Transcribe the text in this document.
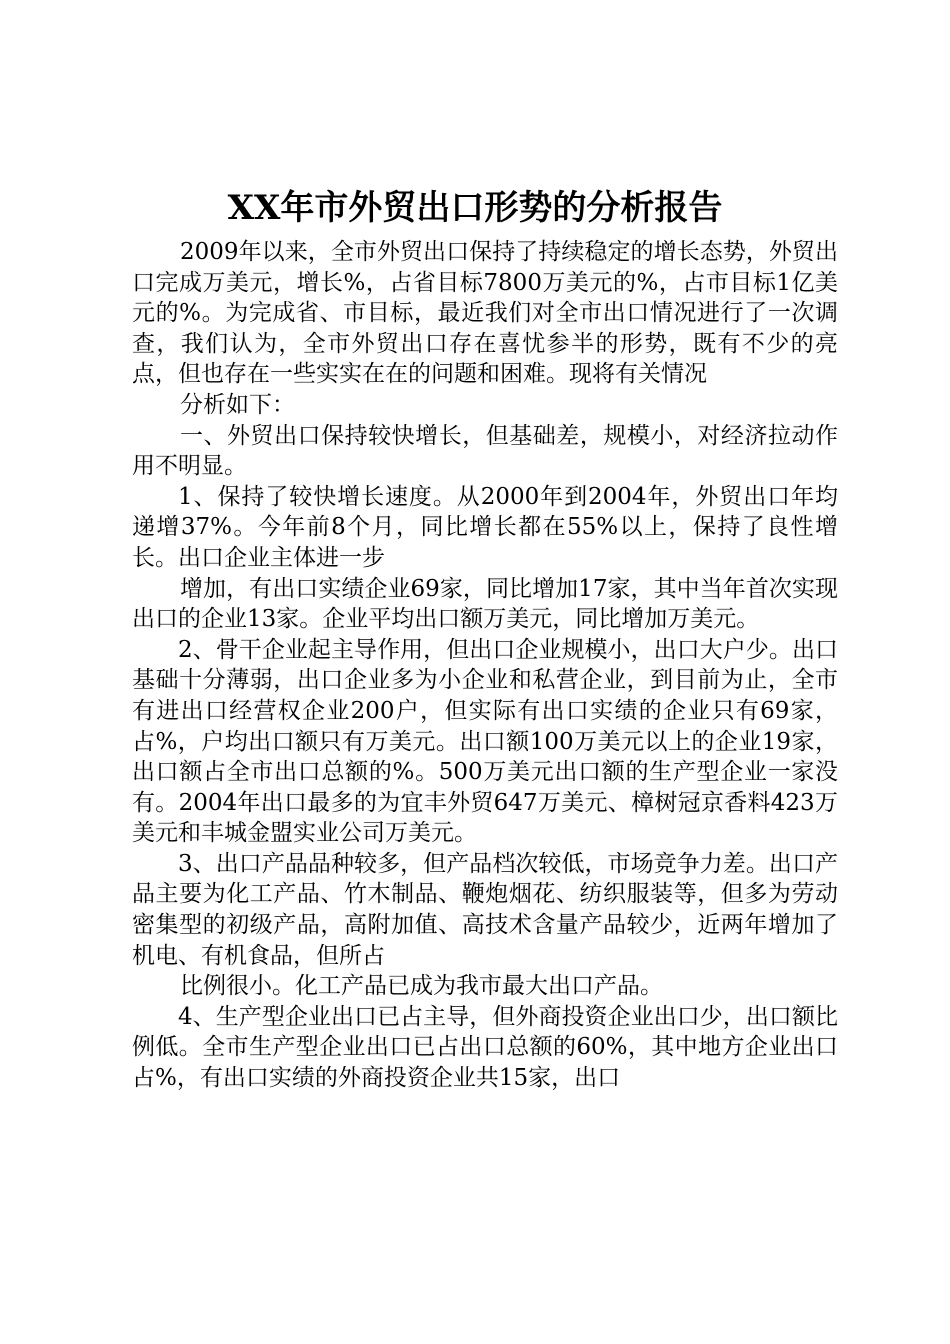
XX年市外贸出口形势的分析报告

2009年以来，全市外贸出口保持了持续稳定的增长态势，外贸出口完成万美元，增长%，占省目标7800万美元的%，占市目标1亿美元的%。为完成省、市目标，最近我们对全市出口情况进行了一次调查，我们认为，全市外贸出口存在喜忧参半的形势，既有不少的亮点，但也存在一些实实在在的问题和困难。现将有关情况

分析如下：

一、外贸出口保持较快增长，但基础差，规模小，对经济拉动作用不明显。

1、保持了较快增长速度。从2000年到2004年，外贸出口年均递增37%。今年前8个月，同比增长都在55%以上，保持了良性增长。出口企业主体进一步

增加，有出口实绩企业69家，同比增加17家，其中当年首次实现出口的企业13家。企业平均出口额万美元，同比增加万美元。

2、骨干企业起主导作用，但出口企业规模小，出口大户少。出口基础十分薄弱，出口企业多为小企业和私营企业，到目前为止，全市有进出口经营权企业200户，但实际有出口实绩的企业只有69家，占%，户均出口额只有万美元。出口额100万美元以上的企业19家，出口额占全市出口总额的%。500万美元出口额的生产型企业一家没有。2004年出口最多的为宜丰外贸647万美元、樟树冠京香料423万美元和丰城金盟实业公司万美元。

3、出口产品品种较多，但产品档次较低，市场竞争力差。出口产品主要为化工产品、竹木制品、鞭炮烟花、纺织服装等，但多为劳动密集型的初级产品，高附加值、高技术含量产品较少，近两年增加了机电、有机食品，但所占

比例很小。化工产品已成为我市最大出口产品。

4、生产型企业出口已占主导，但外商投资企业出口少，出口额比例低。全市生产型企业出口已占出口总额的60%，其中地方企业出口占%，有出口实绩的外商投资企业共15家，出口
